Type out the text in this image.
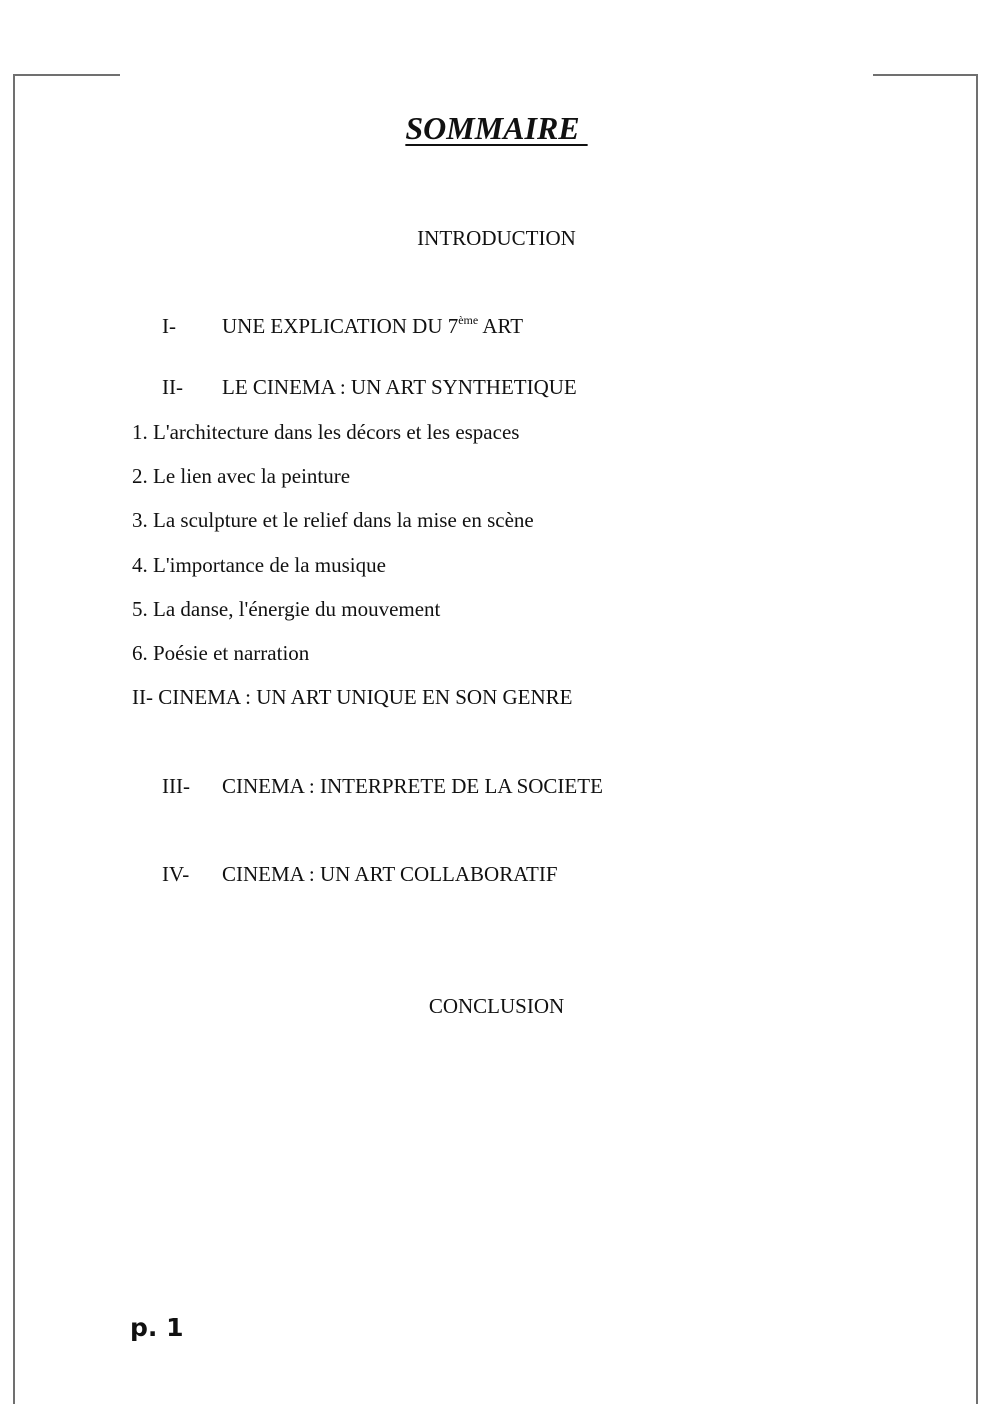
SOMMAIRE
INTRODUCTION
I- UNE EXPLICATION DU 7ème ART
II- LE CINEMA : UN ART SYNTHETIQUE
1. L'architecture dans les décors et les espaces
2. Le lien avec la peinture
3. La sculpture et le relief dans la mise en scène
4. L'importance de la musique
5. La danse, l'énergie du mouvement
6. Poésie et narration
II- CINEMA : UN ART UNIQUE EN SON GENRE
III- CINEMA : INTERPRETE DE LA SOCIETE
IV- CINEMA : UN ART COLLABORATIF
CONCLUSION
p. 1
